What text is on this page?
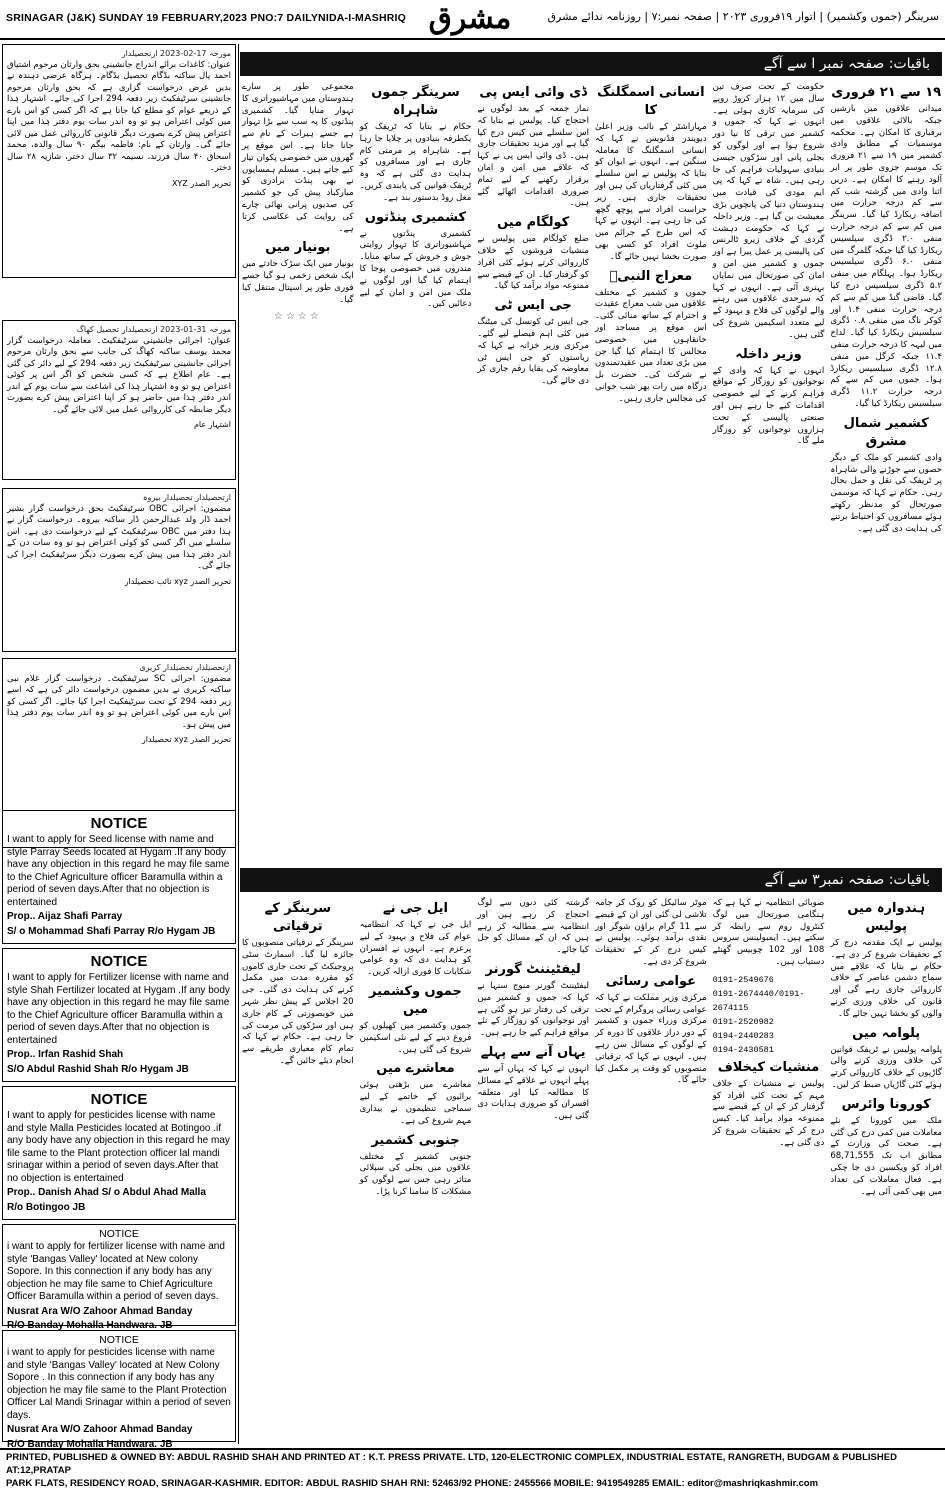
SRINAGAR (J&K) SUNDAY 19 FEBRUARY,2023 PNO:7 DAILYNIDA-I-MASHRIQ مشرق	سرینگر (جموں وکشمیر) | اتوار ۱۹فروری ۲۰۲۳ | صفحہ نمبر:۷ | روزنامہ ندائے مشرق
مورخہ 17-02-2023 ازتحصیلدار
عنوان: کاغذات برائے اندراج جانشینی بحق وارثان مرحوم اشتیاق احمد پال ساکنہ بڈگام تحصیل بڈگام۔ ہرگاہ عرضی دہندہ نے بدیں عرض درخواست گزاری ہے کہ بحق وارثان مرحوم جانشینی سرٹیفکیٹ زیر دفعہ 294 اجرا کی جائے۔ اشتہار ہٰذا کے ذریعے عوام کو مطلع کیا جاتا ہے کہ اگر کسی کو اس بارے میں کوئی اعتراض ہو تو وہ اندر سات یوم دفتر ہٰذا میں اپنا اعتراض پیش کرے بصورت دیگر قانونی کارروائی عمل میں لائی جائے گی۔ وارثان کے نام: فاطمہ بیگم ۹۰ سال والدہ، محمد اسحاق ۴۰ سال فرزند، نسیمہ ۳۲ سال دختر، شازیہ ۲۸ سال دختر۔
تحریر الصدر XYZ
مورخہ 31-01-2023 ازتحصیلدار تحصیل کھاگ
عنوان: اجرائی جانشینی سرٹیفکیٹ۔ معاملہ درخواست گزار محمد یوسف ساکنہ کھاگ کی جانب سے بحق وارثان مرحوم اجرائی جانشینی سرٹیفکیٹ زیر دفعہ 294 کے لیے دائر کی گئی ہے۔ عام اطلاع ہے کہ کسی شخص کو اگر اس پر کوئی اعتراض ہو تو وہ اشتہار ہٰذا کی اشاعت سے سات یوم کے اندر اندر دفتر ہٰذا میں حاضر ہو کر اپنا اعتراض پیش کرے بصورت دیگر ضابطہ کی کارروائی عمل میں لائی جائے گی۔
اشتہار عام
ازتحصیلدار تحصیلدار بیروہ
مضمون: اجرائی OBC سرٹیفکیٹ بحق درخواست گزار بشیر احمد ڈار ولد عبدالرحمن ڈار ساکنہ بیروہ۔ درخواست گزار نے ہذا دفتر میں OBC سرٹیفکیٹ کے لیے درخواست دی ہے۔ اس سلسلے میں اگر کسی کو کوئی اعتراض ہو تو وہ سات دن کے اندر دفتر ہٰذا میں پیش کرے بصورت دیگر سرٹیفکیٹ اجرا کی جائے گی۔
تحریر الصدر xyz نائب تحصیلدار
ازتحصیلدار تحصیلدار کریری
مضمون: اجرائی SC سرٹیفکیٹ۔ درخواست گزار غلام نبی ساکنہ کریری نے بدیں مضمون درخواست دائر کی ہے کہ اسے زیر دفعہ 294 کے تحت سرٹیفکیٹ اجرا کیا جائے۔ اگر کسی کو اس بارے میں کوئی اعتراض ہو تو وہ اندر سات یوم دفتر ہٰذا میں پیش ہو۔
تحریر الصدر xyz تحصیلدار
NOTICE
I want to apply for Seed license with name and style Parray Seeds located at Hygam .If any body have any objection in this regard he may file same to the Chief Agriculture officer Baramulla within a period of seven days.After that no objection is entertained
Prop.. Aijaz Shafi Parray
S/ o Mohammad Shafi Parray R/o Hygam JB
NOTICE
I want to apply for Fertilizer license with name and style Shah Fertilizer located at Hygam .If any body have any objection in this regard he may file same to the Chief Agriculture officer Baramulla within a period of seven days.After that no objection is entertained
Prop.. Irfan Rashid Shah
S/O Abdul Rashid Shah R/o Hygam JB
NOTICE
I want to apply for pesticides license with name and style Malla Pesticides located at Botingoo .if any body have any objection in this regard he may file same to the Plant protection officer lal mandi srinagar within a period of seven days.After that no objection is entertained
Prop.. Danish Ahad S/ o Abdul Ahad Malla
R/o Botingoo JB
NOTICE
i want to apply for fertilizer license with name and style 'Bangas Valley' located at New colony Sopore. In this connection if any body has any objection he may file same to Chief Agriculture Officer Baramulla within a period of seven days.
Nusrat Ara W/O Zahoor Ahmad Banday
R/O Banday Mohalla Handwara. JB
NOTICE
i want to apply for pesticides license with name and style 'Bangas Valley' located at New Colony Sopore . In this connection if any body has any objection he may file same to the Plant Protection Officer Lal Mandi Srinagar within a period of seven days.
Nusrat Ara W/O Zahoor Ahmad Banday
R/O Banday Mohalla Handwara. JB
باقیات: صفحہ نمبر ا سے آگے
۱۹ سے ۲۱ فروری

میدانی علاقوں میں بارشیں جبکہ بالائی علاقوں میں برفباری کا امکان ہے۔ محکمہ موسمیات کے مطابق وادی کشمیر میں ۱۹ سے ۲۱ فروری تک موسم جزوی طور پر ابر آلود رہنے کا امکان ہے۔ دریں اثنا وادی میں گزشتہ شب کم سے کم درجہ حرارت میں اضافہ ریکارڈ کیا گیا۔ سرینگر میں کم سے کم درجہ حرارت منفی ۲.۰ ڈگری سیلسیس ریکارڈ کیا گیا جبکہ گلمرگ میں منفی ۶.۰ ڈگری سیلسیس ریکارڈ ہوا۔ پہلگام میں منفی ۵.۲ ڈگری سیلسیس درج کیا گیا۔ قاضی گنڈ میں کم سے کم درجہ حرارت منفی ۱.۴ اور کوکر ناگ میں منفی ۰.۸ ڈگری سیلسیس ریکارڈ کیا گیا۔ لداخ میں لیہہ کا درجہ حرارت منفی ۱۱.۴ جبکہ کرگل میں منفی ۱۲.۸ ڈگری سیلسیس ریکارڈ ہوا۔ جموں میں کم سے کم درجہ حرارت ۱۱.۲ ڈگری سیلسیس ریکارڈ کیا گیا۔

کشمیر شمال مشرق

وادی کشمیر کو ملک کے دیگر حصوں سے جوڑنے والی شاہراہ پر ٹریفک کی نقل و حمل بحال رہی۔ حکام نے کہا کہ موسمی صورتحال کو مدنظر رکھتے ہوئے مسافروں کو احتیاط برتنے کی ہدایت دی گئی ہے۔

حکومت کے تحت صرف تین سال میں ۱۲ ہزار کروڑ روپے کی سرمایہ کاری ہوئی ہے۔ انہوں نے کہا کہ جموں و کشمیر میں ترقی کا نیا دور شروع ہوا ہے اور لوگوں کو بجلی پانی اور سڑکوں جیسی بنیادی سہولیات فراہم کی جا رہی ہیں۔ شاہ نے کہا کہ پی ایم مودی کی قیادت میں ہندوستان دنیا کی پانچویں بڑی معیشت بن گیا ہے۔ وزیر داخلہ نے کہا کہ حکومت دہشت گردی کے خلاف زیرو ٹالرنس کی پالیسی پر عمل پیرا ہے اور جموں و کشمیر میں امن و امان کی صورتحال میں نمایاں بہتری آئی ہے۔ انہوں نے کہا کہ سرحدی علاقوں میں رہنے والے لوگوں کی فلاح و بہبود کے لیے متعدد اسکیمیں شروع کی گئی ہیں۔

وزیر داخلہ

انہوں نے کہا کہ وادی کے نوجوانوں کو روزگار کے مواقع فراہم کرنے کے لیے خصوصی اقدامات کیے جا رہے ہیں اور صنعتی پالیسی کے تحت ہزاروں نوجوانوں کو روزگار ملے گا۔

انسانی اسمگلنگ کا

مہاراشٹر کے نائب وزیر اعلیٰ دیویندر فڈنویس نے کہا کہ انسانی اسمگلنگ کا معاملہ سنگین ہے۔ انہوں نے ایوان کو بتایا کہ پولیس نے اس سلسلے میں کئی گرفتاریاں کی ہیں اور تحقیقات جاری ہیں۔ زیر حراست افراد سے پوچھ گچھ کی جا رہی ہے۔ انہوں نے کہا کہ اس طرح کے جرائم میں ملوث افراد کو کسی بھی صورت بخشا نہیں جائے گا۔

معراج النبیؐ

جموں و کشمیر کے مختلف علاقوں میں شب معراج عقیدت و احترام کے ساتھ منائی گئی۔ اس موقع پر مساجد اور خانقاہوں میں خصوصی مجالس کا اہتمام کیا گیا جن میں بڑی تعداد میں عقیدتمندوں نے شرکت کی۔ حضرت بل درگاہ میں رات بھر شب خوانی کی مجالس جاری رہیں۔

ڈی وائی ایس پی

نماز جمعہ کے بعد لوگوں نے احتجاج کیا۔ پولیس نے بتایا کہ اس سلسلے میں کیس درج کیا گیا ہے اور مزید تحقیقات جاری ہیں۔ ڈی وائی ایس پی نے کہا کہ علاقے میں امن و امان برقرار رکھنے کے لیے تمام ضروری اقدامات اٹھائے گئے ہیں۔

کولگام میں

ضلع کولگام میں پولیس نے منشیات فروشوں کے خلاف کارروائی کرتے ہوئے کئی افراد کو گرفتار کیا۔ ان کے قبضے سے ممنوعہ مواد برآمد کیا گیا۔

جی ایس ٹی

جی ایس ٹی کونسل کی میٹنگ میں کئی اہم فیصلے لیے گئے۔ مرکزی وزیر خزانہ نے کہا کہ ریاستوں کو جی ایس ٹی معاوضہ کی بقایا رقم جاری کر دی جائے گی۔

سرینگر جموں شاہراہ

حکام نے بتایا کہ ٹریفک کو یکطرفہ بنیادوں پر چلایا جا رہا ہے۔ شاہراہ پر مرمتی کام جاری ہے اور مسافروں کو ہدایت دی گئی ہے کہ وہ ٹریفک قوانین کی پابندی کریں۔ مغل روڈ بدستور بند ہے۔

کشمیری پنڈتوں

کشمیری پنڈتوں نے مہاشیوراتری کا تہوار روایتی جوش و خروش کے ساتھ منایا۔ مندروں میں خصوصی پوجا کا اہتمام کیا گیا اور لوگوں نے ملک میں امن و امان کے لیے دعائیں کیں۔

مجموعی طور پر سارے ہندوستان میں مہاشیوراتری کا تہوار منایا گیا۔ کشمیری پنڈتوں کا یہ سب سے بڑا تہوار ہے جسے ہیرات کے نام سے جانا جاتا ہے۔ اس موقع پر گھروں میں خصوصی پکوان تیار کیے جاتے ہیں۔ مسلم ہمسایوں نے بھی پنڈت برادری کو مبارکباد پیش کی جو کشمیر کی صدیوں پرانی بھائی چارے کی روایت کی عکاسی کرتا ہے۔

بونیار میں

بونیار میں ایک سڑک حادثے میں ایک شخص زخمی ہو گیا جسے فوری طور پر اسپتال منتقل کیا گیا۔

☆☆☆☆
باقیات: صفحہ نمبر۳ سے آگے
ہندوارہ میں پولیس

پولیس نے ایک مقدمہ درج کر کے تحقیقات شروع کر دی ہے۔ حکام نے بتایا کہ علاقے میں سماج دشمن عناصر کے خلاف کارروائی جاری رہے گی اور قانون کی خلاف ورزی کرنے والوں کو بخشا نہیں جائے گا۔

پلوامہ میں

پلوامہ پولیس نے ٹریفک قوانین کی خلاف ورزی کرنے والی گاڑیوں کے خلاف کارروائی کرتے ہوئے کئی گاڑیاں ضبط کر لیں۔

کورونا وائرس

ملک میں کورونا کے نئے معاملات میں کمی درج کی گئی ہے۔ صحت کی وزارت کے مطابق اب تک 68,71,555 افراد کو ویکسین دی جا چکی ہے۔ فعال معاملات کی تعداد میں بھی کمی آئی ہے۔

صوبائی انتظامیہ نے کہا ہے کہ ہنگامی صورتحال میں لوگ کنٹرول روم سے رابطہ کر سکتے ہیں۔ ایمبولینس سروس 108 اور 102 چوبیس گھنٹے دستیاب ہیں۔

0191-2549676
0191-2674440/0191-2674115
0191-2520982
0194-2440283
0194-2430581
منشیات کیخلاف

پولیس نے منشیات کے خلاف مہم کے تحت کئی افراد کو گرفتار کر کے ان کے قبضے سے ممنوعہ مواد برآمد کیا۔ کیس درج کر کے تحقیقات شروع کر دی گئی ہے۔

موٹر سائیکل کو روک کر جامہ تلاشی لی گئی اور ان کے قبضے سے 11 گرام براؤن شوگر اور نقدی برآمد ہوئی۔ پولیس نے کیس درج کر کے تحقیقات شروع کر دی ہے۔

عوامی رسائی

مرکزی وزیر مملکت نے کہا کہ عوامی رسائی پروگرام کے تحت مرکزی وزراء جموں و کشمیر کے دور دراز علاقوں کا دورہ کر کے لوگوں کے مسائل سن رہے ہیں۔ انہوں نے کہا کہ ترقیاتی منصوبوں کو وقت پر مکمل کیا جائے گا۔

گزشتہ کئی دنوں سے لوگ احتجاج کر رہے ہیں اور انتظامیہ سے مطالبہ کر رہے ہیں کہ ان کے مسائل کو حل کیا جائے۔

لیفٹیننٹ گورنر

لیفٹیننٹ گورنر منوج سنہا نے کہا کہ جموں و کشمیر میں ترقی کی رفتار تیز ہو گئی ہے اور نوجوانوں کو روزگار کے نئے مواقع فراہم کیے جا رہے ہیں۔

یہاں آنے سے پہلے

انہوں نے کہا کہ یہاں آنے سے پہلے انہوں نے علاقے کے مسائل کا مطالعہ کیا اور متعلقہ افسران کو ضروری ہدایات دی گئی ہیں۔

ایل جی نے

ایل جی نے کہا کہ انتظامیہ عوام کی فلاح و بہبود کے لیے پرعزم ہے۔ انہوں نے افسران کو ہدایت دی کہ وہ عوامی شکایات کا فوری ازالہ کریں۔

جموں وکشمیر میں

جموں وکشمیر میں کھیلوں کو فروغ دینے کے لیے نئی اسکیمیں شروع کی گئی ہیں۔

معاشرے میں

معاشرے میں بڑھتی ہوئی برائیوں کے خاتمے کے لیے سماجی تنظیموں نے بیداری مہم شروع کی ہے۔

جنوبی کشمیر

جنوبی کشمیر کے مختلف علاقوں میں بجلی کی سپلائی متاثر رہی جس سے لوگوں کو مشکلات کا سامنا کرنا پڑا۔

سرینگر کے ترقیاتی

سرینگر کے ترقیاتی منصوبوں کا جائزہ لیا گیا۔ اسمارٹ سٹی پروجیکٹ کے تحت جاری کاموں کو مقررہ مدت میں مکمل کرنے کی ہدایت دی گئی۔ جی 20 اجلاس کے پیش نظر شہر میں خوبصورتی کے کام جاری ہیں اور سڑکوں کی مرمت کی جا رہی ہے۔ حکام نے کہا کہ تمام کام معیاری طریقے سے انجام دیئے جائیں گے۔

PRINTED, PUBLISHED & OWNED BY: ABDUL RASHID SHAH AND PRINTED AT : K.T. PRESS PRIVATE. LTD, 120-ELECTRONIC COMPLEX, INDUSTRIAL ESTATE, RANGRETH, BUDGAM & PUBLISHED AT:12,PRATAP
PARK FLATS, RESIDENCY ROAD, SRINAGAR-KASHMIR. EDITOR: ABDUL RASHID SHAH RNI: 52463/92 PHONE: 2455566 MOBILE: 9419549285 EMAIL: editor@mashriqkashmir.com
